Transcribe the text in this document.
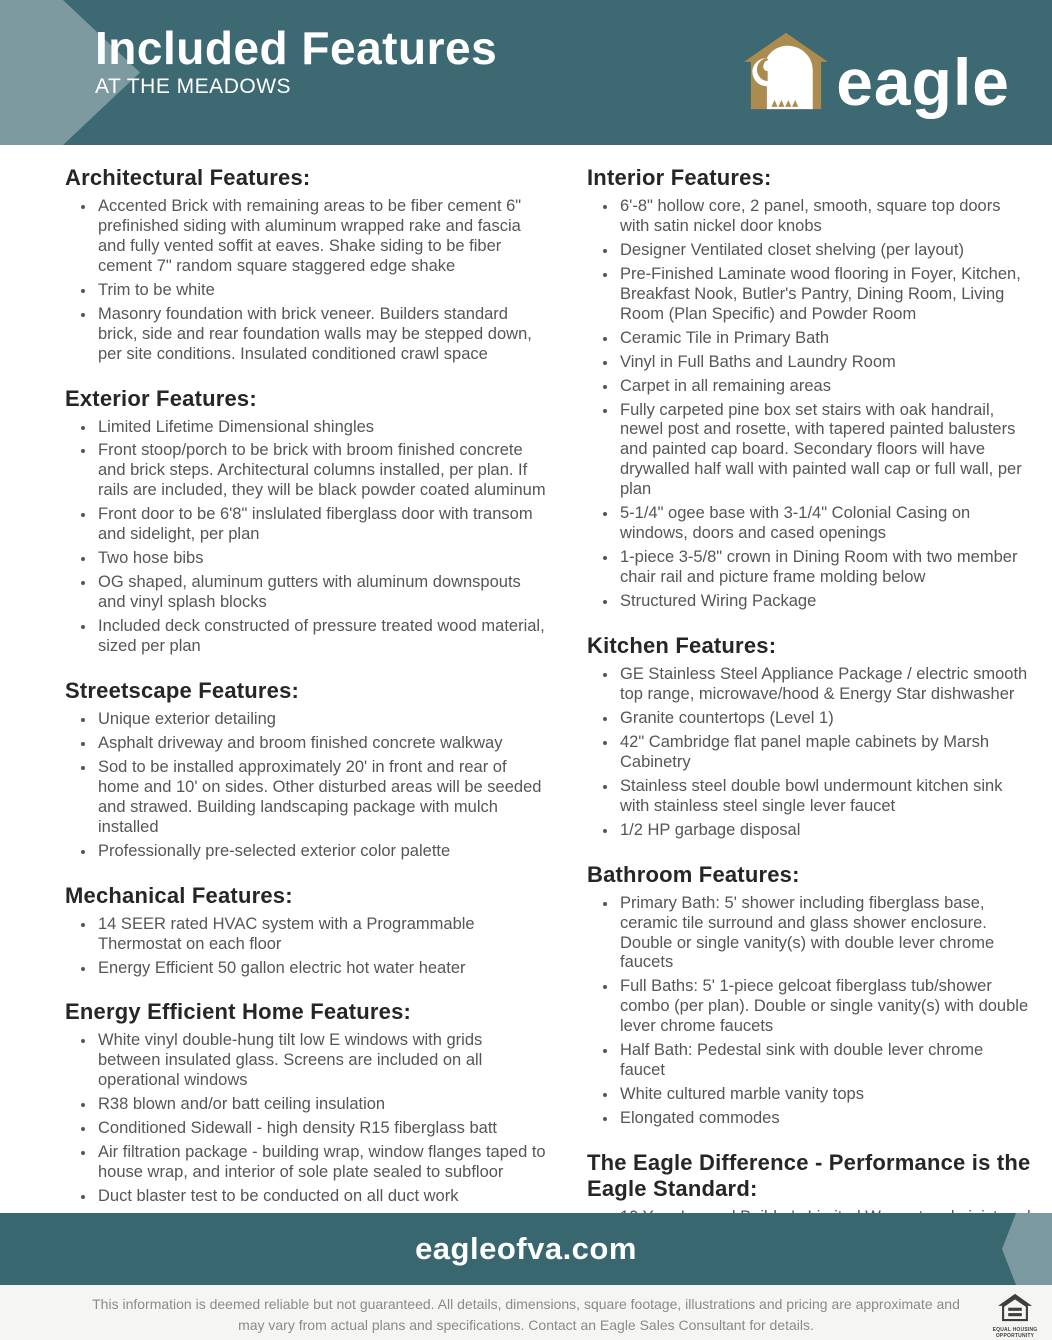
Included Features
AT THE MEADOWS	eagle
Architectural Features:
• Accented Brick with remaining areas to be fiber cement 6" prefinished siding with aluminum wrapped rake and fascia and fully vented soffit at eaves. Shake siding to be fiber cement 7" random square staggered edge shake
• Trim to be white
• Masonry foundation with brick veneer. Builders standard brick, side and rear foundation walls may be stepped down, per site conditions. Insulated conditioned crawl space
Exterior Features:
• Limited Lifetime Dimensional shingles
• Front stoop/porch to be brick with broom finished concrete and brick steps. Architectural columns installed, per plan. If rails are included, they will be black powder coated aluminum
• Front door to be 6'8" inslulated fiberglass door with transom and sidelight, per plan
• Two hose bibs
• OG shaped, aluminum gutters with aluminum downspouts and vinyl splash blocks
• Included deck constructed of pressure treated wood material, sized per plan
Streetscape Features:
• Unique exterior detailing
• Asphalt driveway and broom finished concrete walkway
• Sod to be installed approximately 20' in front and rear of home and 10' on sides. Other disturbed areas will be seeded and strawed. Building landscaping package with mulch installed
• Professionally pre-selected exterior color palette
Mechanical Features:
• 14 SEER rated HVAC system with a Programmable Thermostat on each floor
• Energy Efficient 50 gallon electric hot water heater
Energy Efficient Home Features:
• White vinyl double-hung tilt low E windows with grids between insulated glass. Screens are included on all operational windows
• R38 blown and/or batt ceiling insulation
• Conditioned Sidewall - high density R15 fiberglass batt
• Air filtration package - building wrap, window flanges taped to house wrap, and interior of sole plate sealed to subfloor
• Duct blaster test to be conducted on all duct work
Interior Features:
• 6'-8" hollow core, 2 panel, smooth, square top doors with satin nickel door knobs
• Designer Ventilated closet shelving (per layout)
• Pre-Finished Laminate wood flooring in Foyer, Kitchen, Breakfast Nook, Butler's Pantry, Dining Room, Living Room (Plan Specific) and Powder Room
• Ceramic Tile in Primary Bath
• Vinyl in Full Baths and Laundry Room
• Carpet in all remaining areas
• Fully carpeted pine box set stairs with oak handrail, newel post and rosette, with tapered painted balusters and painted cap board. Secondary floors will have drywalled half wall with painted wall cap or full wall, per plan
• 5-1/4" ogee base with 3-1/4" Colonial Casing on windows, doors and cased openings
• 1-piece 3-5/8" crown in Dining Room with two member chair rail and picture frame molding below
• Structured Wiring Package
Kitchen Features:
• GE Stainless Steel Appliance Package / electric smooth top range, microwave/hood & Energy Star dishwasher
• Granite countertops (Level 1)
• 42" Cambridge flat panel maple cabinets by Marsh Cabinetry
• Stainless steel double bowl undermount kitchen sink with stainless steel single lever faucet
• 1/2 HP garbage disposal
Bathroom Features:
• Primary Bath: 5' shower including fiberglass base, ceramic tile surround and glass shower enclosure. Double or single vanity(s) with double lever chrome faucets
• Full Baths: 5' 1-piece gelcoat fiberglass tub/shower combo (per plan). Double or single vanity(s) with double lever chrome faucets
• Half Bath: Pedestal sink with double lever chrome faucet
• White cultured marble vanity tops
• Elongated commodes
The Eagle Difference - Performance is the Eagle Standard:
•
•
•
eagleofva.com
This information is deemed reliable but not guaranteed. All details, dimensions, square footage, illustrations and pricing are approximate and may vary from actual plans and specifications. Contact an Eagle Sales Consultant for details.	EQUAL HOUSING OPPORTUNITY
